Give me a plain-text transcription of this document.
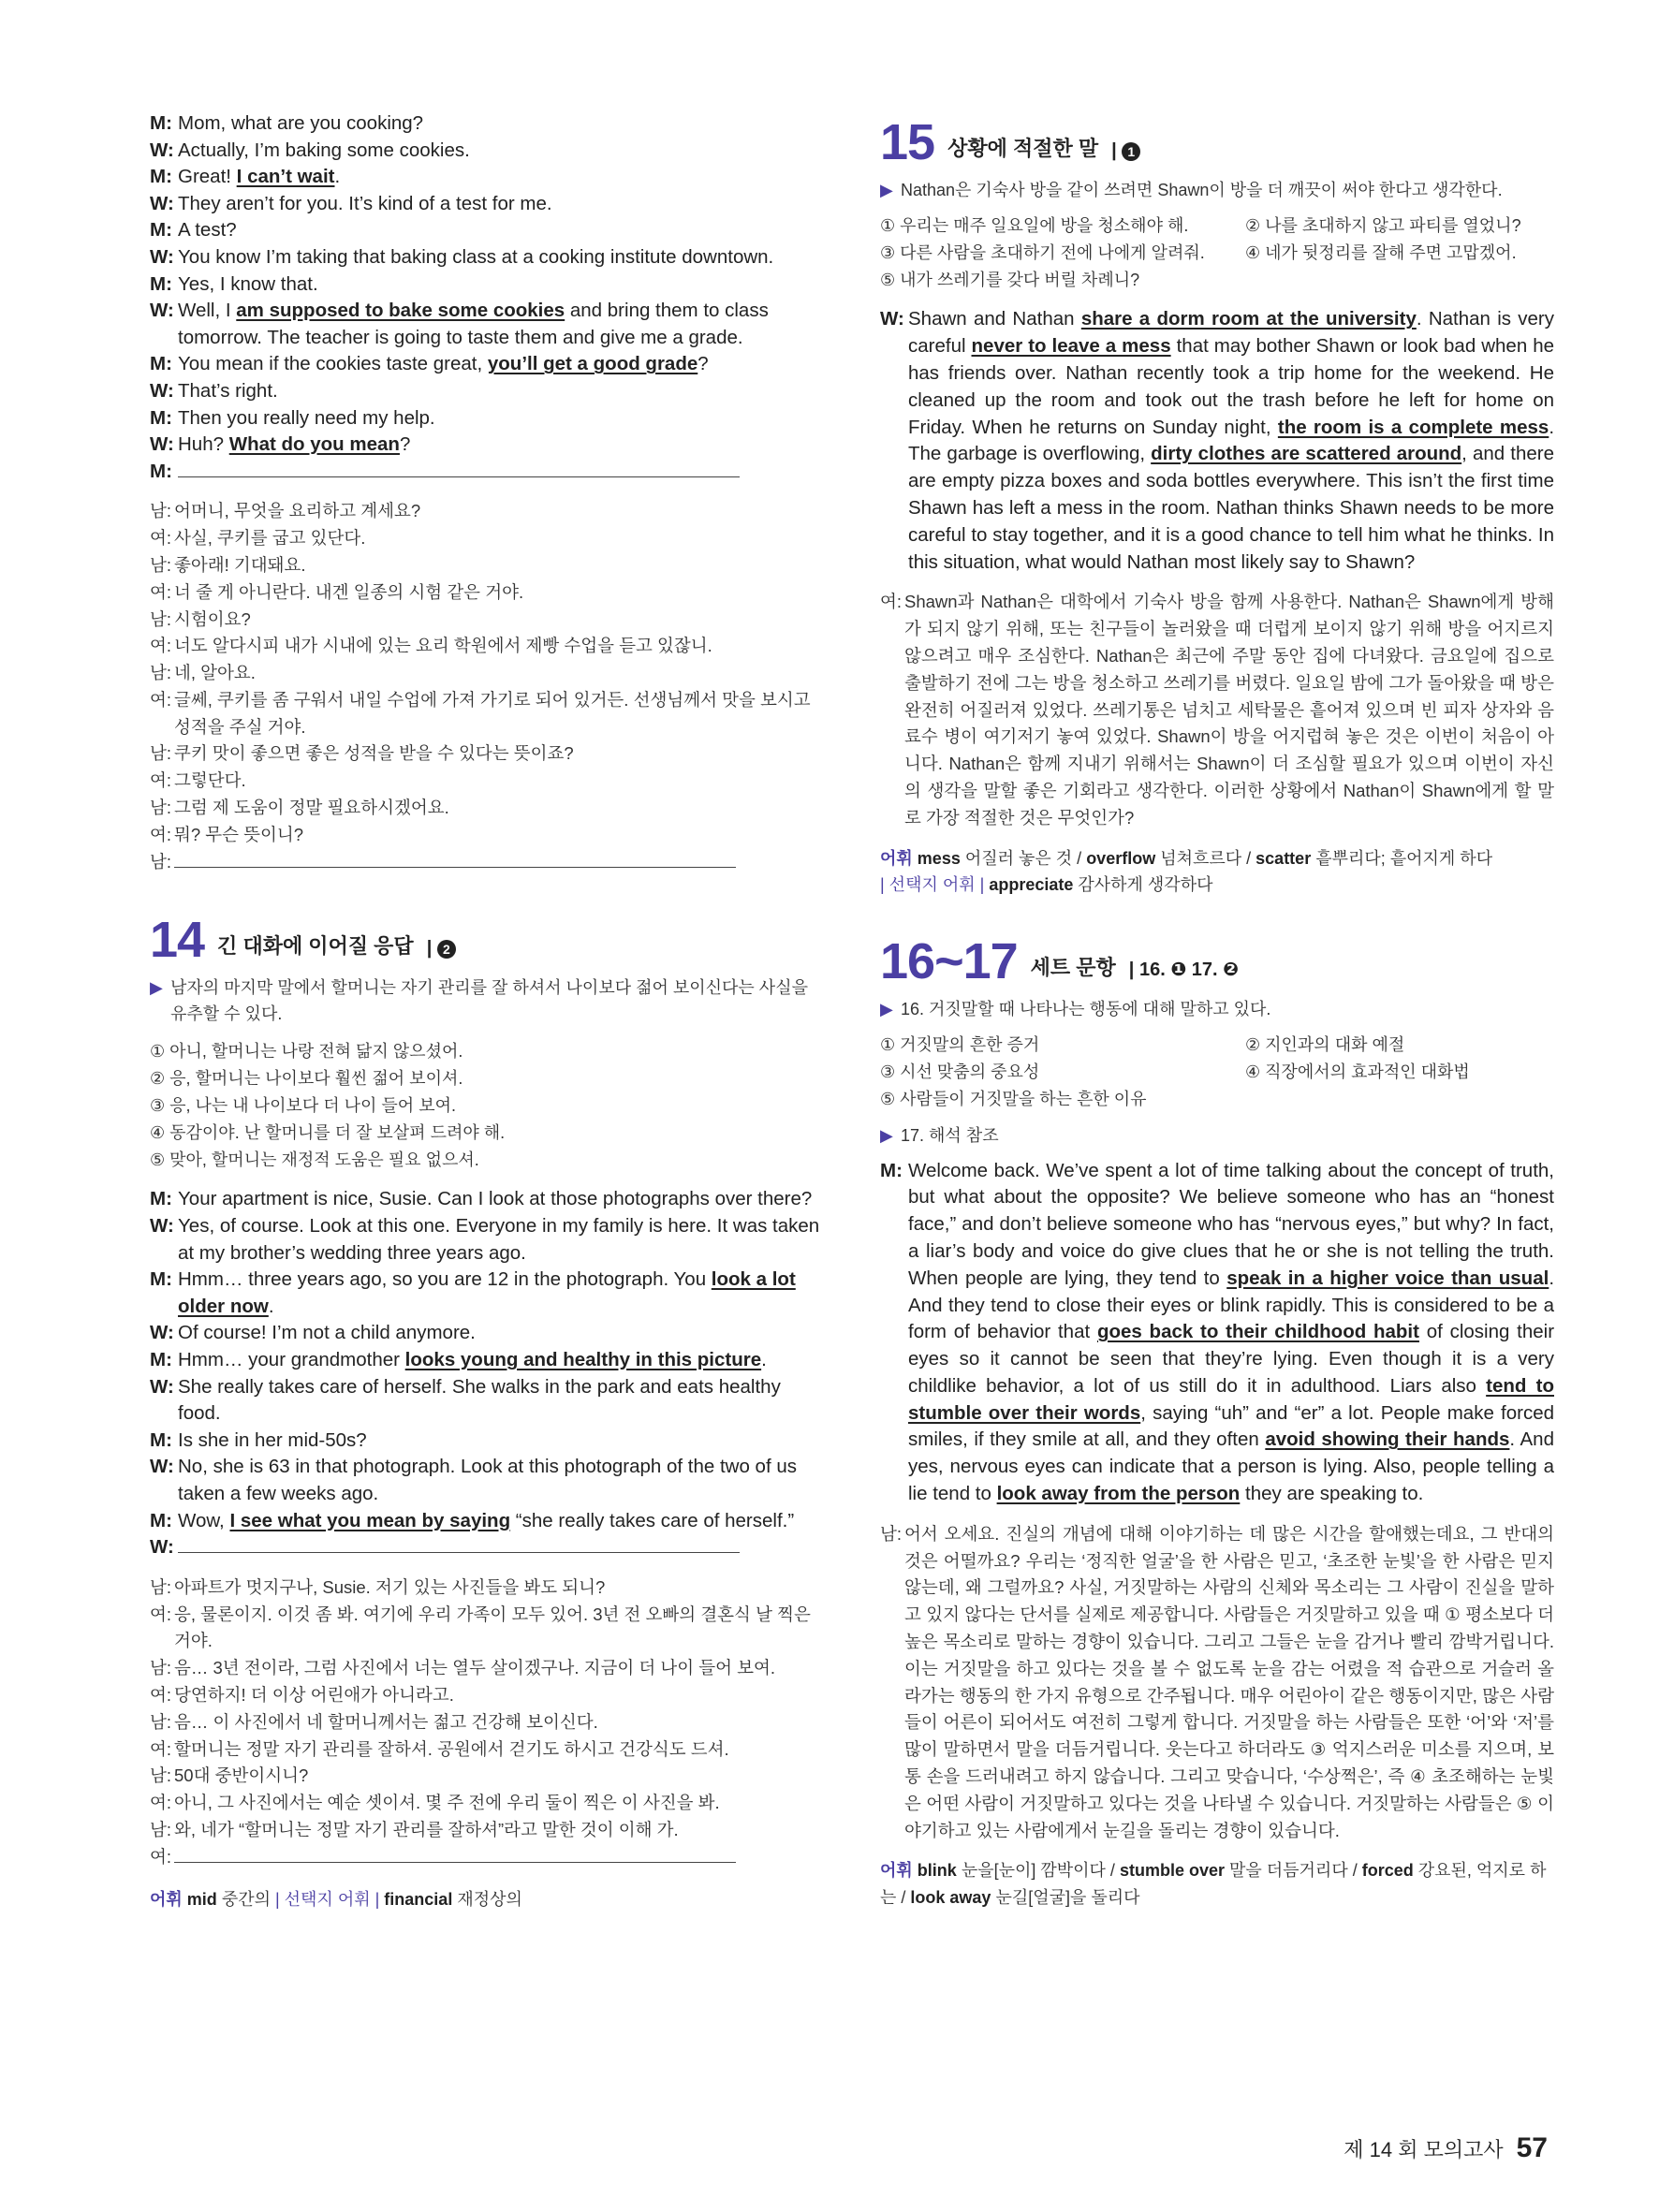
M: Mom, what are you cooking?
W: Actually, I’m baking some cookies.
M: Great! I can’t wait.
W: They aren’t for you. It’s kind of a test for me.
M: A test?
W: You know I’m taking that baking class at a cooking institute downtown.
M: Yes, I know that.
W: Well, I am supposed to bake some cookies and bring them to class tomorrow. The teacher is going to taste them and give me a grade.
M: You mean if the cookies taste great, you’ll get a good grade?
W: That’s right.
M: Then you really need my help.
W: Huh? What do you mean?
M:
남: 어머니, 무엇을 요리하고 계세요?
여: 사실, 쿠키를 굽고 있단다.
남: 좋아래! 기대돼요.
여: 너 줄 게 아니란다. 내겐 일종의 시험 같은 거야.
남: 시험이요?
여: 너도 알다시피 내가 시내에 있는 요리 학원에서 제빵 수업을 듣고 있잖니.
남: 네, 알아요.
여: 글쎄, 쿠키를 좀 구워서 내일 수업에 가져 가기로 되어 있거든. 선생님께서 맛을 보시고 성적을 주실 거야.
남: 쿠키 맛이 좋으면 좋은 성적을 받을 수 있다는 뜻이죠?
여: 그렇단다.
남: 그럼 제 도움이 정말 필요하시겠어요.
여: 뭐? 무슨 뜻이니?
남:
14 긴 대화에 이어질 응답 | 2
▶ 남자의 마지막 말에서 할머니는 자기 관리를 잘 하셔서 나이보다 젊어 보이신다는 사실을 유추할 수 있다.
① 아니, 할머니는 나랑 전혀 닮지 않으셨어.
② 응, 할머니는 나이보다 훨씬 젊어 보이셔.
③ 응, 나는 내 나이보다 더 나이 들어 보여.
④ 동감이야. 난 할머니를 더 잘 보살펴 드려야 해.
⑤ 맞아, 할머니는 재정적 도움은 필요 없으셔.
M: Your apartment is nice, Susie. Can I look at those photographs over there?
W: Yes, of course. Look at this one. Everyone in my family is here. It was taken at my brother’s wedding three years ago.
M: Hmm… three years ago, so you are 12 in the photograph. You look a lot older now.
W: Of course! I’m not a child anymore.
M: Hmm… your grandmother looks young and healthy in this picture.
W: She really takes care of herself. She walks in the park and eats healthy food.
M: Is she in her mid-50s?
W: No, she is 63 in that photograph. Look at this photograph of the two of us taken a few weeks ago.
M: Wow, I see what you mean by saying “she really takes care of herself.”
W:
남: 아파트가 멋지구나, Susie. 저기 있는 사진들을 봐도 되니?
여: 응, 물론이지. 이것 좀 봐. 여기에 우리 가족이 모두 있어. 3년 전 오빠의 결혼식 날 찍은 거야.
남: 음… 3년 전이라, 그럼 사진에서 너는 열두 살이겠구나. 지금이 더 나이 들어 보여.
여: 당연하지! 더 이상 어린애가 아니라고.
남: 음… 이 사진에서 네 할머니께서는 젊고 건강해 보이신다.
여: 할머니는 정말 자기 관리를 잘하셔. 공원에서 걷기도 하시고 건강식도 드셔.
남: 50대 중반이시니?
여: 아니, 그 사진에서는 예순 셋이셔. 몇 주 전에 우리 둘이 찍은 이 사진을 봐.
남: 와, 네가 “할머니는 정말 자기 관리를 잘하셔”라고 말한 것이 이해 가.
여:
어휘 mid 중간의 | 선택지 어휘 | financial 재정상의
15 상황에 적절한 말 | 1
▶ Nathan은 기숙사 방을 같이 쓰려면 Shawn이 방을 더 깨끗이 써야 한다고 생각한다.
① 우리는 매주 일요일에 방을 청소해야 해.	② 나를 초대하지 않고 파티를 열었니?
③ 다른 사람을 초대하기 전에 나에게 알려줘.	④ 네가 뒷정리를 잘해 주면 고맙겠어.
⑤ 내가 쓰레기를 갖다 버릴 차례니?
W: Shawn and Nathan share a dorm room at the university. Nathan is very careful never to leave a mess that may bother Shawn or look bad when he has friends over. Nathan recently took a trip home for the weekend. He cleaned up the room and took out the trash before he left for home on Friday. When he returns on Sunday night, the room is a complete mess. The garbage is overflowing, dirty clothes are scattered around, and there are empty pizza boxes and soda bottles everywhere. This isn’t the first time Shawn has left a mess in the room. Nathan thinks Shawn needs to be more careful to stay together, and it is a good chance to tell him what he thinks. In this situation, what would Nathan most likely say to Shawn?
여: Shawn과 Nathan은 대학에서 기숙사 방을 함께 사용한다. Nathan은 Shawn에게 방해가 되지 않기 위해, 또는 친구들이 놀러왔을 때 더럽게 보이지 않기 위해 방을 어지르지 않으려고 매우 조심한다. Nathan은 최근에 주말 동안 집에 다녀왔다. 금요일에 집으로 출발하기 전에 그는 방을 청소하고 쓰레기를 버렸다. 일요일 밤에 그가 돌아왔을 때 방은 완전히 어질러져 있었다. 쓰레기통은 넘치고 세탁물은 흩어져 있으며 빈 피자 상자와 음료수 병이 여기저기 놓여 있었다. Shawn이 방을 어지럽혀 놓은 것은 이번이 처음이 아니다. Nathan은 함께 지내기 위해서는 Shawn이 더 조심할 필요가 있으며 이번이 자신의 생각을 말할 좋은 기회라고 생각한다. 이러한 상황에서 Nathan이 Shawn에게 할 말로 가장 적절한 것은 무엇인가?
어휘 mess 어질러 놓은 것 / overflow 넘쳐흐르다 / scatter 흩뿌리다; 흩어지게 하다
| 선택지 어휘 | appreciate 감사하게 생각하다
16~17 세트 문항 | 16. ❶ 17. ❷
▶ 16. 거짓말할 때 나타나는 행동에 대해 말하고 있다.
① 거짓말의 흔한 증거	② 지인과의 대화 예절
③ 시선 맞춤의 중요성	④ 직장에서의 효과적인 대화법
⑤ 사람들이 거짓말을 하는 흔한 이유
▶ 17. 해석 참조
M: Welcome back. We’ve spent a lot of time talking about the concept of truth, but what about the opposite? We believe someone who has an “honest face,” and don’t believe someone who has “nervous eyes,” but why? In fact, a liar’s body and voice do give clues that he or she is not telling the truth. When people are lying, they tend to speak in a higher voice than usual. And they tend to close their eyes or blink rapidly. This is considered to be a form of behavior that goes back to their childhood habit of closing their eyes so it cannot be seen that they’re lying. Even though it is a very childlike behavior, a lot of us still do it in adulthood. Liars also tend to stumble over their words, saying “uh” and “er” a lot. People make forced smiles, if they smile at all, and they often avoid showing their hands. And yes, nervous eyes can indicate that a person is lying. Also, people telling a lie tend to look away from the person they are speaking to.
남: 어서 오세요. 진실의 개념에 대해 이야기하는 데 많은 시간을 할애했는데요, 그 반대의 것은 어떨까요? 우리는 ‘정직한 얼굴’을 한 사람은 믿고, ‘초조한 눈빛’을 한 사람은 믿지 않는데, 왜 그럴까요? 사실, 거짓말하는 사람의 신체와 목소리는 그 사람이 진실을 말하고 있지 않다는 단서를 실제로 제공합니다. 사람들은 거짓말하고 있을 때 ① 평소보다 더 높은 목소리로 말하는 경향이 있습니다. 그리고 그들은 눈을 감거나 빨리 깜박거립니다. 이는 거짓말을 하고 있다는 것을 볼 수 없도록 눈을 감는 어렸을 적 습관으로 거슬러 올라가는 행동의 한 가지 유형으로 간주됩니다. 매우 어린아이 같은 행동이지만, 많은 사람들이 어른이 되어서도 여전히 그렇게 합니다. 거짓말을 하는 사람들은 또한 ‘어’와 ‘저’를 많이 말하면서 말을 더듬거립니다. 웃는다고 하더라도 ③ 억지스러운 미소를 지으며, 보통 손을 드러내려고 하지 않습니다. 그리고 맞습니다, ‘수상쩍은’, 즉 ④ 초조해하는 눈빛은 어떤 사람이 거짓말하고 있다는 것을 나타낼 수 있습니다. 거짓말하는 사람들은 ⑤ 이야기하고 있는 사람에게서 눈길을 돌리는 경향이 있습니다.
어휘 blink 눈을[눈이] 깜박이다 / stumble over 말을 더듬거리다 / forced 강요된, 억지로 하는 / look away 눈길[얼굴]을 돌리다
제 14 회 모의고사 57
